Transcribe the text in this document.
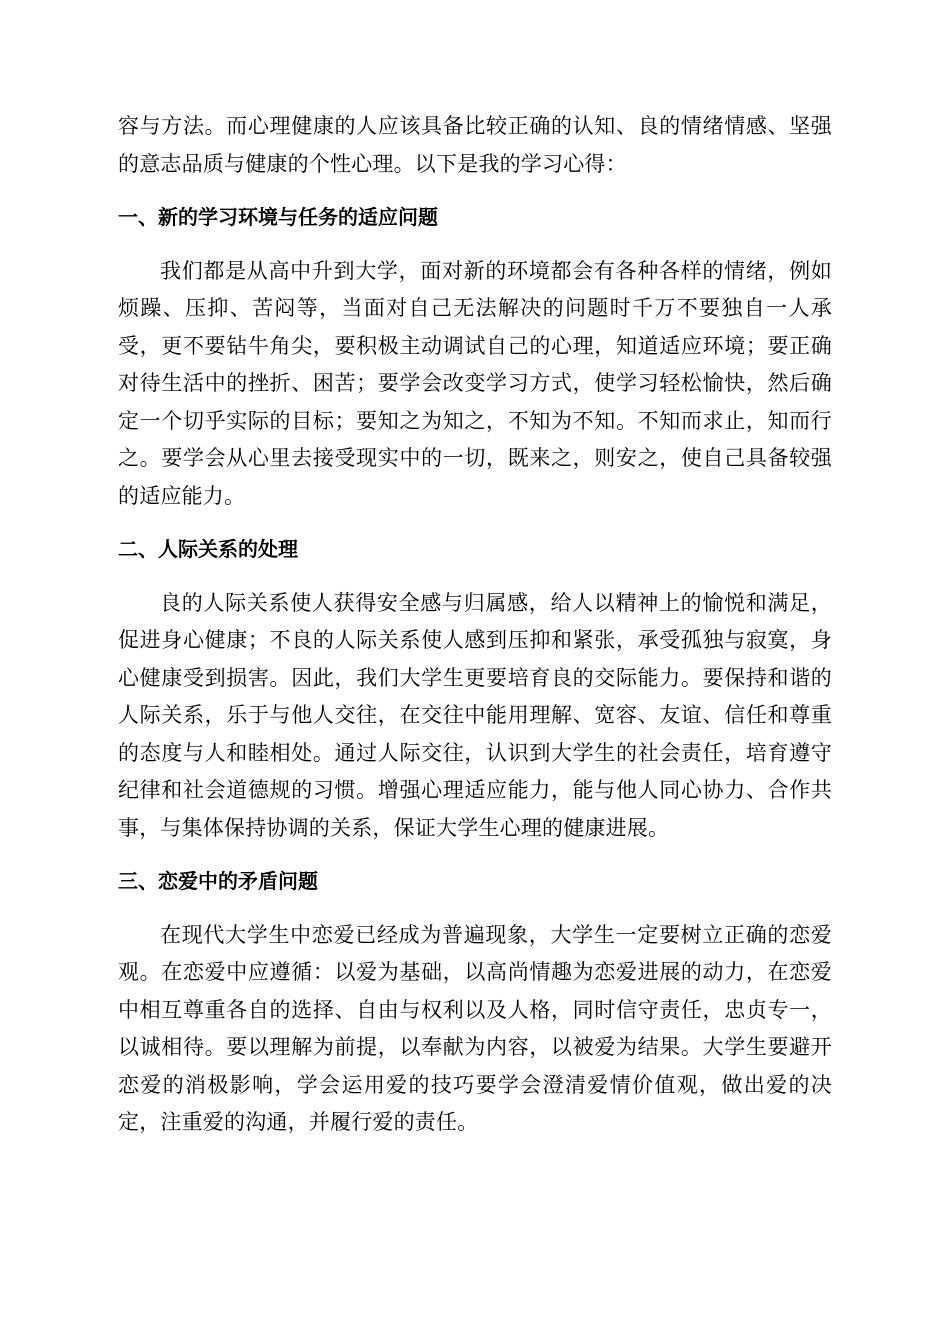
容与方法。而心理健康的人应该具备比较正确的认知、良的情绪情感、坚强的意志品质与健康的个性心理。以下是我的学习心得：

一、新的学习环境与任务的适应问题

我们都是从高中升到大学，面对新的环境都会有各种各样的情绪，例如烦躁、压抑、苦闷等，当面对自己无法解决的问题时千万不要独自一人承受，更不要钻牛角尖，要积极主动调试自己的心理，知道适应环境；要正确对待生活中的挫折、困苦；要学会改变学习方式，使学习轻松愉快，然后确定一个切乎实际的目标；要知之为知之，不知为不知。不知而求止，知而行之。要学会从心里去接受现实中的一切，既来之，则安之，使自己具备较强的适应能力。

二、人际关系的处理

良的人际关系使人获得安全感与归属感，给人以精神上的愉悦和满足，促进身心健康；不良的人际关系使人感到压抑和紧张，承受孤独与寂寞，身心健康受到损害。因此，我们大学生更要培育良的交际能力。要保持和谐的人际关系，乐于与他人交往，在交往中能用理解、宽容、友谊、信任和尊重的态度与人和睦相处。通过人际交往，认识到大学生的社会责任，培育遵守纪律和社会道德规的习惯。增强心理适应能力，能与他人同心协力、合作共事，与集体保持协调的关系，保证大学生心理的健康进展。

三、恋爱中的矛盾问题

在现代大学生中恋爱已经成为普遍现象，大学生一定要树立正确的恋爱观。在恋爱中应遵循：以爱为基础，以高尚情趣为恋爱进展的动力，在恋爱中相互尊重各自的选择、自由与权利以及人格，同时信守责任，忠贞专一，以诚相待。要以理解为前提，以奉献为内容，以被爱为结果。大学生要避开恋爱的消极影响，学会运用爱的技巧要学会澄清爱情价值观，做出爱的决定，注重爱的沟通，并履行爱的责任。
